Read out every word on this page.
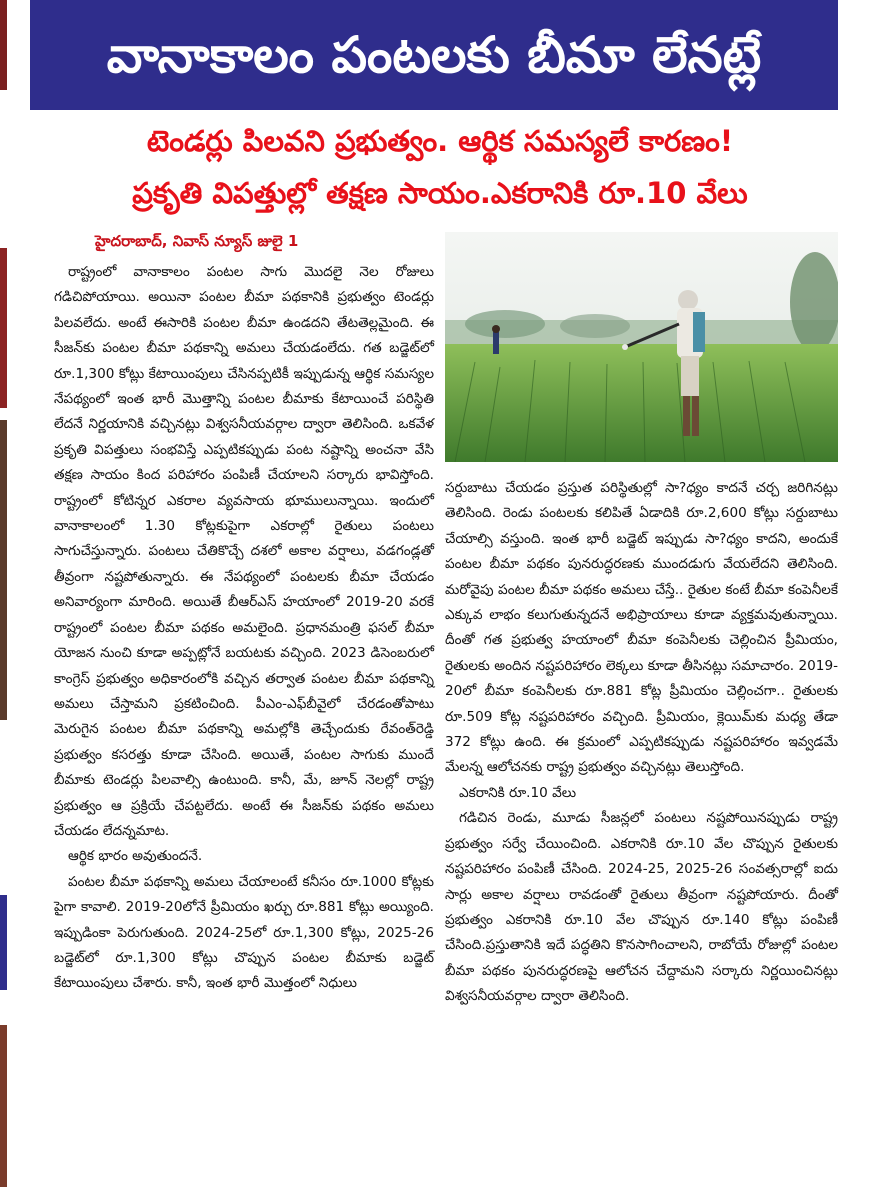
వానాకాలం పంటలకు బీమా లేనట్లే
టెండర్లు పిలవని ప్రభుత్వం. ఆర్థిక సమస్యలే కారణం!
ప్రకృతి విపత్తుల్లో తక్షణ సాయం.ఎకరానికి రూ.10 వేలు
హైదరాబాద్, నివాస్ న్యూస్ జులై 1

రాష్ట్రంలో వానాకాలం పంటల సాగు మొదలై నెల రోజులు గడిచిపోయాయి. అయినా పంటల బీమా పథకానికి ప్రభుత్వం టెండర్లు పిలవలేదు. అంటే ఈసారికి పంటల బీమా ఉండదని తేటతెల్లమైంది. ఈ సీజన్‌కు పంటల బీమా పథకాన్ని అమలు చేయడంలేదు. గత బడ్జెట్‌లో రూ.1,300 కోట్లు కేటాయింపులు చేసినప్పటికీ ఇప్పుడున్న ఆర్థిక సమస్యల నేపథ్యంలో ఇంత భారీ మొత్తాన్ని పంటల బీమాకు కేటాయించే పరిస్థితి లేదనే నిర్ణయానికి వచ్చినట్లు విశ్వసనీయవర్గాల ద్వారా తెలిసింది. ఒకవేళ ప్రకృతి విపత్తులు సంభవిస్తే ఎప్పటికప్పుడు పంట నష్టాన్ని అంచనా వేసి తక్షణ సాయం కింద పరిహారం పంపిణీ చేయాలని సర్కారు భావిస్తోంది. రాష్ట్రంలో కోటిన్నర ఎకరాల వ్యవసాయ భూములున్నాయి. ఇందులో వానాకాలంలో 1.30 కోట్లకుపైగా ఎకరాల్లో రైతులు పంటలు సాగుచేస్తున్నారు. పంటలు చేతికొచ్చే దశలో అకాల వర్షాలు, వడగండ్లతో తీవ్రంగా నష్టపోతున్నారు. ఈ నేపథ్యంలో పంటలకు బీమా చేయడం అనివార్యంగా మారింది. అయితే బీఆర్‌ఎస్ హయాంలో 2019-20 వరకే రాష్ట్రంలో పంటల బీమా పథకం అమలైంది. ప్రధానమంత్రి ఫసల్ బీమా యోజన నుంచి కూడా అప్పట్లోనే బయటకు వచ్చింది. 2023 డిసెంబరులో కాంగ్రెస్ ప్రభుత్వం అధికారంలోకి వచ్చిన తర్వాత పంటల బీమా పథకాన్ని అమలు చేస్తామని ప్రకటించింది. పీఎం-ఎఫ్‌బీవైలో చేరడంతోపాటు మెరుగైన పంటల బీమా పథకాన్ని అమల్లోకి తెచ్చేందుకు రేవంత్‌రెడ్డి ప్రభుత్వం కసరత్తు కూడా చేసింది. అయితే, పంటల సాగుకు ముందే బీమాకు టెండర్లు పిలవాల్సి ఉంటుంది. కానీ, మే, జూన్ నెలల్లో రాష్ట్ర ప్రభుత్వం ఆ ప్రక్రియే చేపట్టలేదు. అంటే ఈ సీజన్‌కు పథకం అమలు చేయడం లేదన్నమాట.

ఆర్థిక భారం అవుతుందనే.

పంటల బీమా పథకాన్ని అమలు చేయాలంటే కనీసం రూ.1000 కోట్లకు పైగా కావాలి. 2019-20లోనే ప్రీమియం ఖర్చు రూ.881 కోట్లు అయ్యింది. ఇప్పుడింకా పెరుగుతుంది. 2024-25లో రూ.1,300 కోట్లు, 2025-26 బడ్జెట్‌లో రూ.1,300 కోట్లు చొప్పున పంటల బీమాకు బడ్జెట్ కేటాయింపులు చేశారు. కానీ, ఇంత భారీ మొత్తంలో నిధులు

సర్దుబాటు చేయడం ప్రస్తుత పరిస్థితుల్లో సా?ధ్యం కాదనే చర్చ జరిగినట్లు తెలిసింది. రెండు పంటలకు కలిపితే ఏడాదికి రూ.2,600 కోట్లు సర్దుబాటు చేయాల్సి వస్తుంది. ఇంత భారీ బడ్జెట్ ఇప్పుడు సా?ధ్యం కాదని, అందుకే పంటల బీమా పథకం పునరుద్ధరణకు ముందడుగు వేయలేదని తెలిసింది. మరోవైపు పంటల బీమా పథకం అమలు చేస్తే.. రైతుల కంటే బీమా కంపెనీలకే ఎక్కువ లాభం కలుగుతున్నదనే అభిప్రాయాలు కూడా వ్యక్తమవుతున్నాయి. దీంతో గత ప్రభుత్వ హయాంలో బీమా కంపెనీలకు చెల్లించిన ప్రీమియం, రైతులకు అందిన నష్టపరిహారం లెక్కలు కూడా తీసినట్లు సమాచారం. 2019-20లో బీమా కంపెనీలకు రూ.881 కోట్ల ప్రీమియం చెల్లించగా.. రైతులకు రూ.509 కోట్ల నష్టపరిహారం వచ్చింది. ప్రీమియం, క్లెయిమ్‌కు మధ్య తేడా 372 కోట్లు ఉంది. ఈ క్రమంలో ఎప్పటికప్పుడు నష్టపరిహారం ఇవ్వడమే మేలన్న ఆలోచనకు రాష్ట్ర ప్రభుత్వం వచ్చినట్లు తెలుస్తోంది.

ఎకరానికి రూ.10 వేలు

గడిచిన రెండు, మూడు సీజన్లలో పంటలు నష్టపోయినప్పుడు రాష్ట్ర ప్రభుత్వం సర్వే చేయించింది. ఎకరానికి రూ.10 వేల చొప్పున రైతులకు నష్టపరిహారం పంపిణీ చేసింది. 2024-25, 2025-26 సంవత్సరాల్లో ఐదు సార్లు అకాల వర్షాలు రావడంతో రైతులు తీవ్రంగా నష్టపోయారు. దీంతో ప్రభుత్వం ఎకరానికి రూ.10 వేల చొప్పున రూ.140 కోట్లు పంపిణీ చేసింది.ప్రస్తుతానికి ఇదే పద్ధతిని కొనసాగించాలని, రాబోయే రోజుల్లో పంటల బీమా పథకం పునరుద్ధరణపై ఆలోచన చేద్దామని సర్కారు నిర్ణయించినట్లు విశ్వసనీయవర్గాల ద్వారా తెలిసింది.
